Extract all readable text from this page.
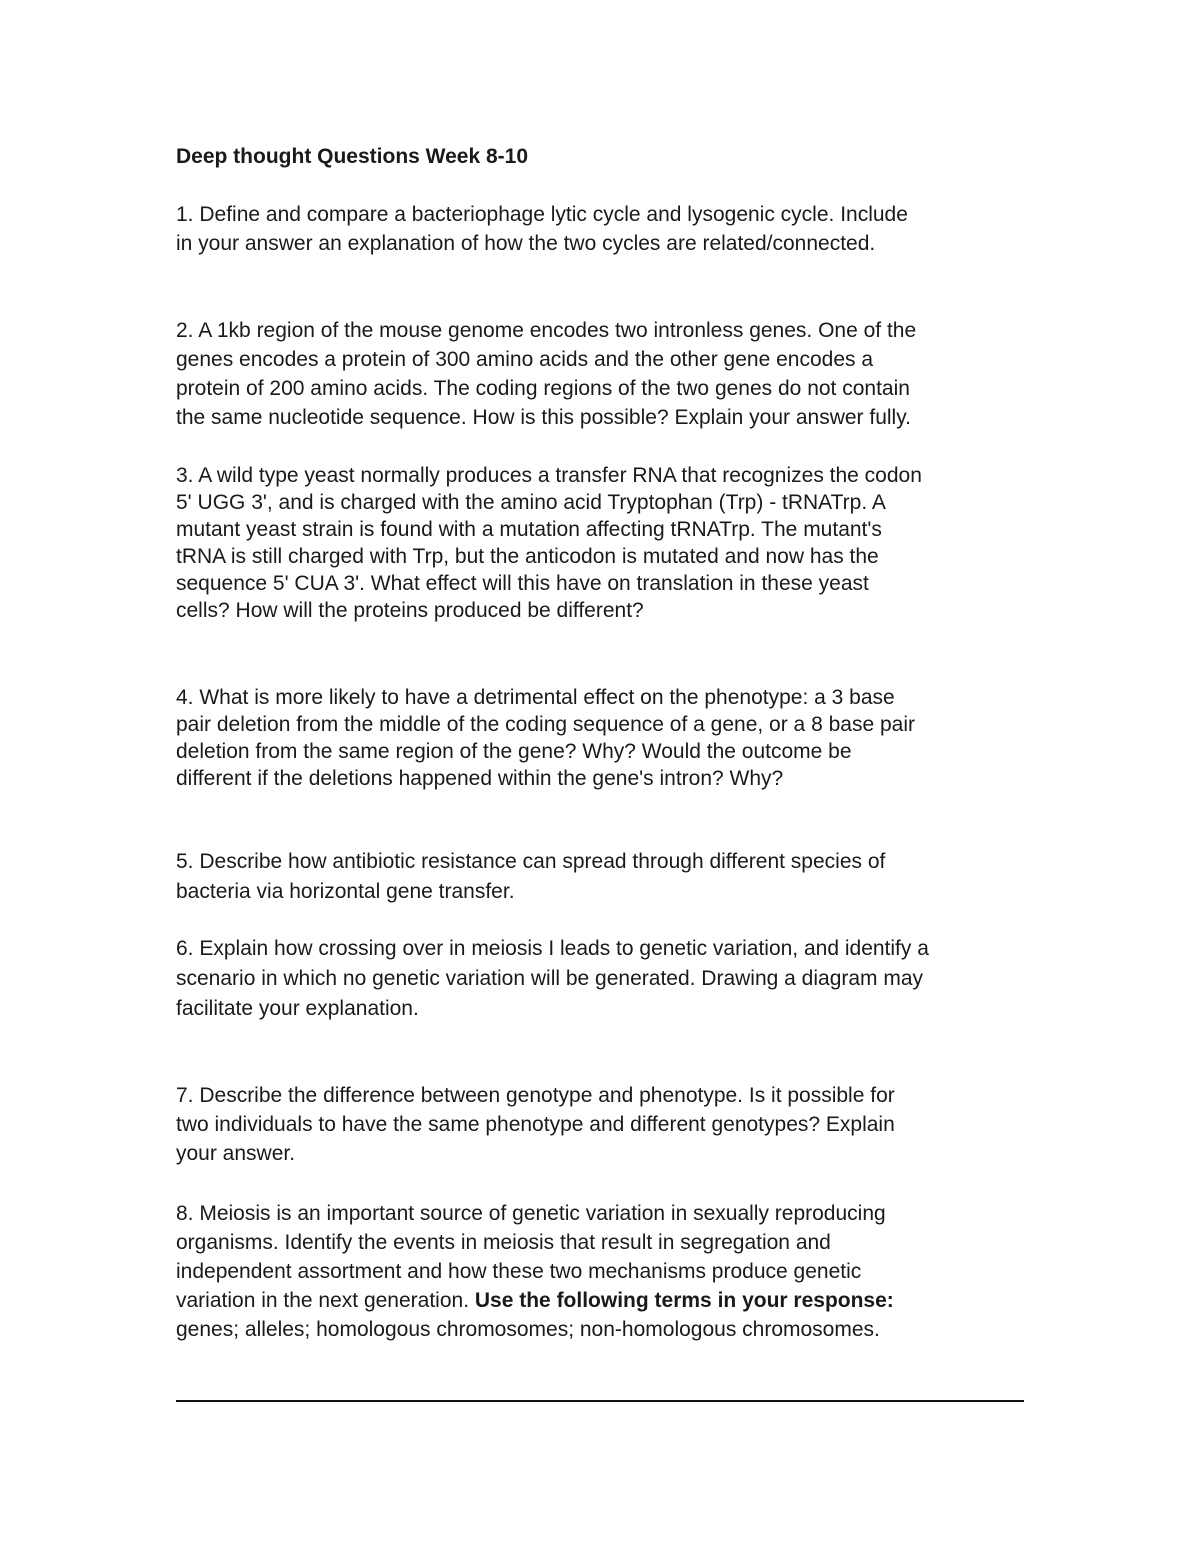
Deep thought Questions Week 8-10

1. Define and compare a bacteriophage lytic cycle and lysogenic cycle. Include
in your answer an explanation of how the two cycles are related/connected.

2. A 1kb region of the mouse genome encodes two intronless genes. One of the
genes encodes a protein of 300 amino acids and the other gene encodes a
protein of 200 amino acids. The coding regions of the two genes do not contain
the same nucleotide sequence. How is this possible? Explain your answer fully.

3. A wild type yeast normally produces a transfer RNA that recognizes the codon
5' UGG 3', and is charged with the amino acid Tryptophan (Trp) - tRNATrp. A
mutant yeast strain is found with a mutation affecting tRNATrp. The mutant's
tRNA is still charged with Trp, but the anticodon is mutated and now has the
sequence 5' CUA 3'. What effect will this have on translation in these yeast
cells? How will the proteins produced be different?

4. What is more likely to have a detrimental effect on the phenotype: a 3 base
pair deletion from the middle of the coding sequence of a gene, or a 8 base pair
deletion from the same region of the gene? Why? Would the outcome be
different if the deletions happened within the gene's intron? Why?

5. Describe how antibiotic resistance can spread through different species of
bacteria via horizontal gene transfer.

6. Explain how crossing over in meiosis I leads to genetic variation, and identify a
scenario in which no genetic variation will be generated. Drawing a diagram may
facilitate your explanation.

7. Describe the difference between genotype and phenotype. Is it possible for
two individuals to have the same phenotype and different genotypes? Explain
your answer.

8. Meiosis is an important source of genetic variation in sexually reproducing
organisms. Identify the events in meiosis that result in segregation and
independent assortment and how these two mechanisms produce genetic
variation in the next generation. Use the following terms in your response:
genes; alleles; homologous chromosomes; non-homologous chromosomes.
